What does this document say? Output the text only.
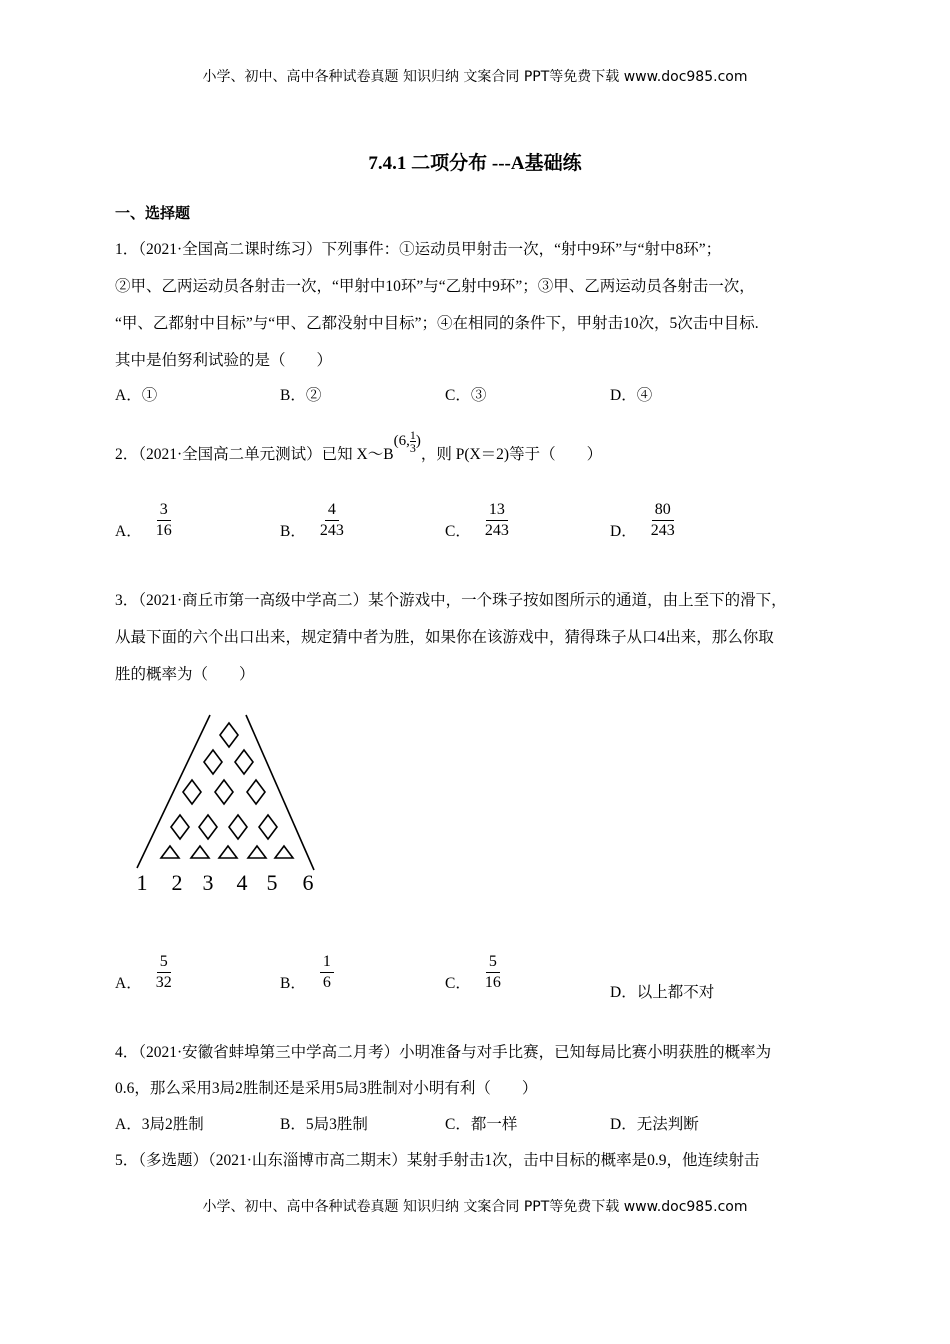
小学、初中、高中各种试卷真题 知识归纳 文案合同 PPT等免费下载 www.doc985.com
7.4.1 二项分布 ---A基础练
一、选择题
1．（2021·全国高二课时练习）下列事件：①运动员甲射击一次，“射中9环”与“射中8环”；
②甲、乙两运动员各射击一次，“甲射中10环”与“乙射中9环”；③甲、乙两运动员各射击一次，
“甲、乙都射中目标”与“甲、乙都没射中目标”；④在相同的条件下，甲射击10次，5次击中目标.
其中是伯努利试验的是（　　）
A．①	B．②	C．③	D．④
2．（2021·全国高二单元测试）已知 X～B(6, $\frac{1}{3}$ )，则 P(X＝2)等于（　　）
A． $\frac{3}{16}$	B． $\frac{4}{243}$	C． $\frac{13}{243}$	D． $\frac{80}{243}$
3．（2021·商丘市第一高级中学高二）某个游戏中，一个珠子按如图所示的通道，由上至下的滑下，
从最下面的六个出口出来，规定猜中者为胜，如果你在该游戏中，猜得珠子从口4出来，那么你取
胜的概率为（　　）
1 2 3 4 5 6
A． $\frac{5}{32}$	B． $\frac{1}{6}$	C． $\frac{5}{16}$	D．以上都不对
4．（2021·安徽省蚌埠第三中学高二月考）小明准备与对手比赛，已知每局比赛小明获胜的概率为
0.6，那么采用3局2胜制还是采用5局3胜制对小明有利（　　）
A．3局2胜制	B．5局3胜制	C．都一样	D．无法判断
5．（多选题）（2021·山东淄博市高二期末）某射手射击1次，击中目标的概率是0.9，他连续射击
小学、初中、高中各种试卷真题 知识归纳 文案合同 PPT等免费下载 www.doc985.com
